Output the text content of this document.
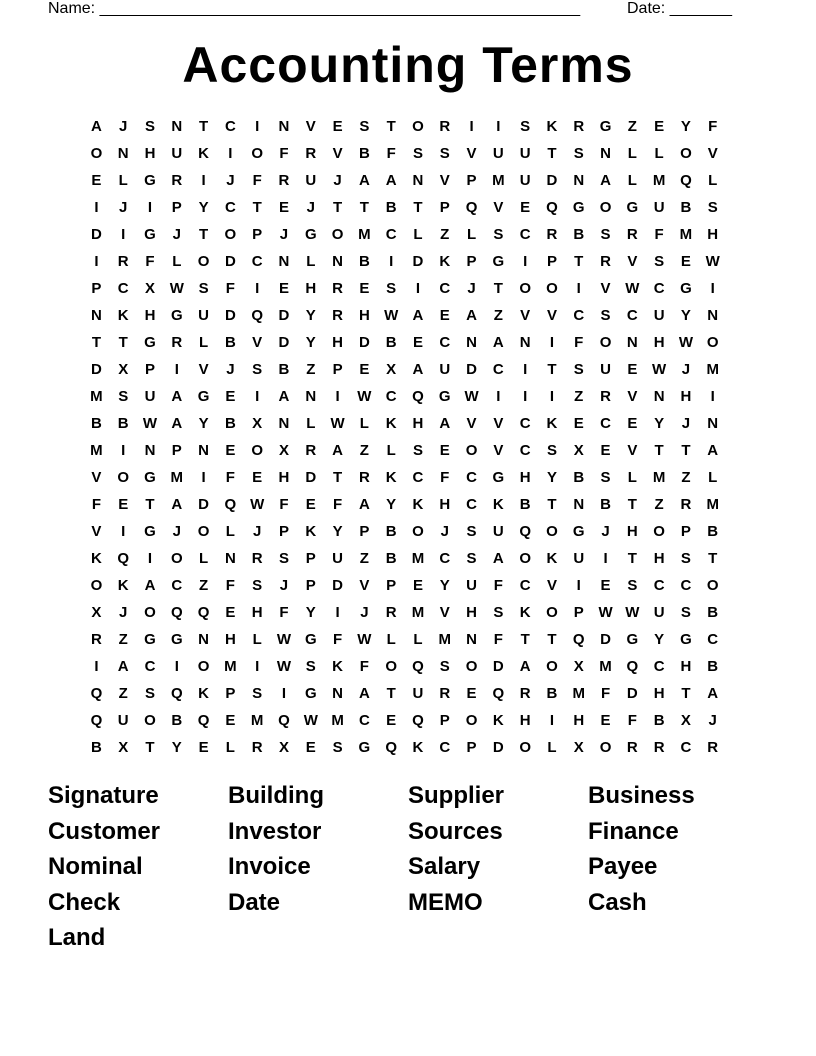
Name: ______________________________________________________	Date: _______
Accounting Terms
A	J	S	N	T	C	I	N	V	E	S	T	O	R	I	I	S	K	R	G	Z	E	Y	F
O	N	H	U	K	I	O	F	R	V	B	F	S	S	V	U	U	T	S	N	L	L	O	V
E	L	G	R	I	J	F	R	U	J	A	A	N	V	P	M	U	D	N	A	L	M Q	L
I	J	I	P	Y	C	T	E	J	T	T	B	T	P	Q	V	E	Q	G	O	G	U	B	S
D	I	G	J	T	O	P	J	G	O M	C	L	Z	L	S	C	R	B	S	R	F	M	H
I	R	F	L	O	D	C	N	L	N	B	I	D	K	P	G	I	P	T	R	V	S	E W
P	C	X W S	F	I	E	H	R	E	S	I	C	J	T	O	O	I	V W C	G	I
N	K	H	G	U	D	Q	D	Y	R	H W A	E	A	Z	V	V	C	S	C	U	Y	N
T	T	G	R	L	B	V	D	Y	H	D	B	E	C	N	A	N	I	F	O	N	H W O
D	X	P	I	V	J	S	B	Z	P	E	X	A	U	D	C	I	T	S	U	E W	J	M
M	S	U	A	G	E	I	A	N	I	W C	Q	G W	I	I	I	Z	R	V	N	H	I
B	B W A	Y	B	X	N	L	W	L	K	H	A	V	V	C	K	E	C	E	Y	J	N
M	I	N	P	N	E	O	X	R	A	Z	L	S	E	O	V	C	S	X	E	V	T	T	A
V	O	G M	I	F	E	H	D	T	R	K	C	F	C	G	H	Y	B	S	L	M	Z	L
F	E	T	A	D	Q W	F	E	F	A	Y	K	H	C	K	B	T	N	B	T	Z	R	M
V	I	G	J	O	L	J	P	K	Y	P	B	O	J	S	U	Q	O	G	J	H	O	P	B
K	Q	I	O	L	N	R	S	P	U	Z	B	M	C	S	A	O	K	U	I	T	H	S	T
O	K	A	C	Z	F	S	J	P	D	V	P	E	Y	U	F	C	V	I	E	S	C	C	O
X	J	O	Q	Q	E	H	F	Y	I	J	R	M	V	H	S	K	O	P W W U	S	B
R	Z	G	G	N	H	L	W G	F	W	L	L	M	N	F	T	T	Q	D	G	Y	G	C
I	A	C	I	O M	I	W S	K	F	O	Q	S	O	D	A	O	X	M Q	C	H	B
Q	Z	S	Q	K	P	S	I	G	N	A	T	U	R	E	Q	R	B	M	F	D	H	T	A
Q	U	O	B	Q	E	M Q W M	C	E	Q	P	O	K	H	I	H	E	F	B	X	J
B	X	T	Y	E	L	R	X	E	S	G	Q	K	C	P	D	O	L	X	O	R	R	C	R
Signature	Building	Supplier	Business
Customer	Investor	Sources	Finance
Nominal	Invoice	Salary	Payee
Check	Date	MEMO	Cash
Land
